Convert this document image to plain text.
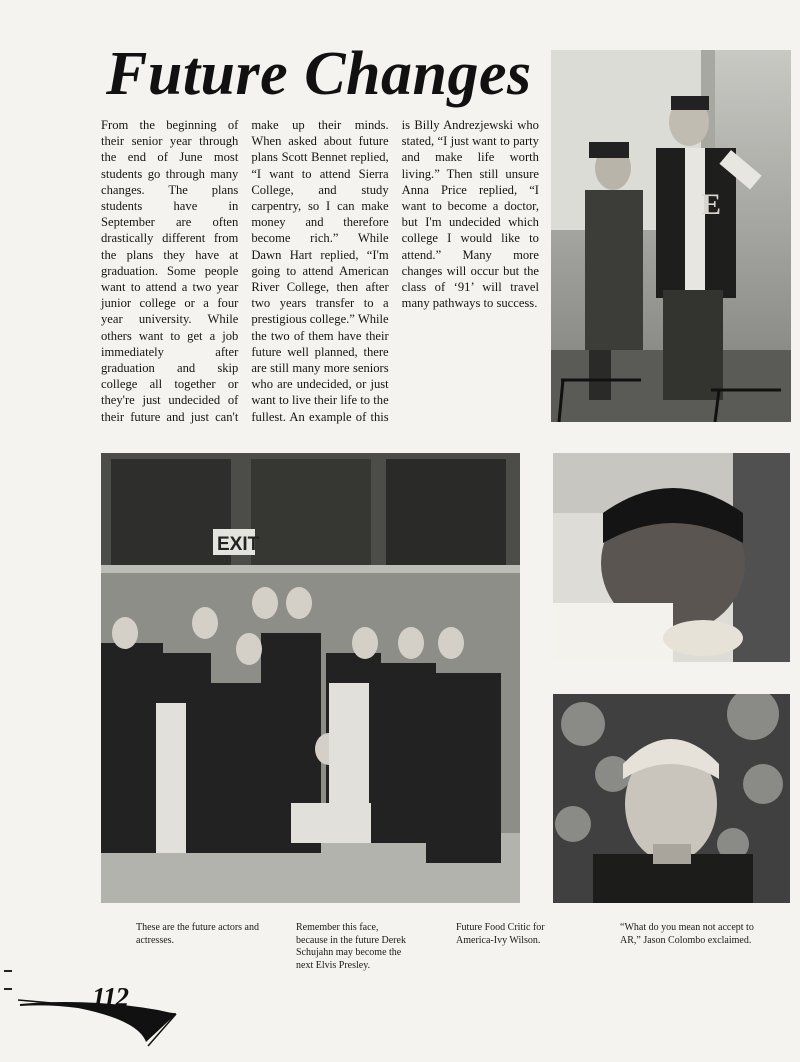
Future Changes

From the beginning of their senior year through the end of June most students go through many changes. The plans students have in September are often drastically different from the plans they have at graduation. Some people want to attend a two year junior college or a four year university. While others want to get a job immediately after graduation and skip college all together or they're just undecided of their future and just can't make up their minds. When asked about future plans Scott Bennet replied, “I want to attend Sierra College, and study carpentry, so I can make money and therefore become rich.” While Dawn Hart replied, “I'm going to attend American River College, then after two years transfer to a prestigious college.” While the two of them have their future well planned, there are still many more seniors who are undecided, or just want to live their life to the fullest. An example of this is Billy Andrezjewski who stated, “I just want to party and make life worth living.” Then still unsure Anna Price replied, “I want to become a doctor, but I'm undecided which college I would like to attend.” Many more changes will occur but the class of ‘91’ will travel many pathways to success.

E
EXIT
These are the future actors and actresses.
Remember this face, because in the future Derek Schujahn may become the next Elvis Presley.
Future Food Critic for America-Ivy Wilson.
“What do you mean not accept to AR,” Jason Colombo exclaimed.
112
